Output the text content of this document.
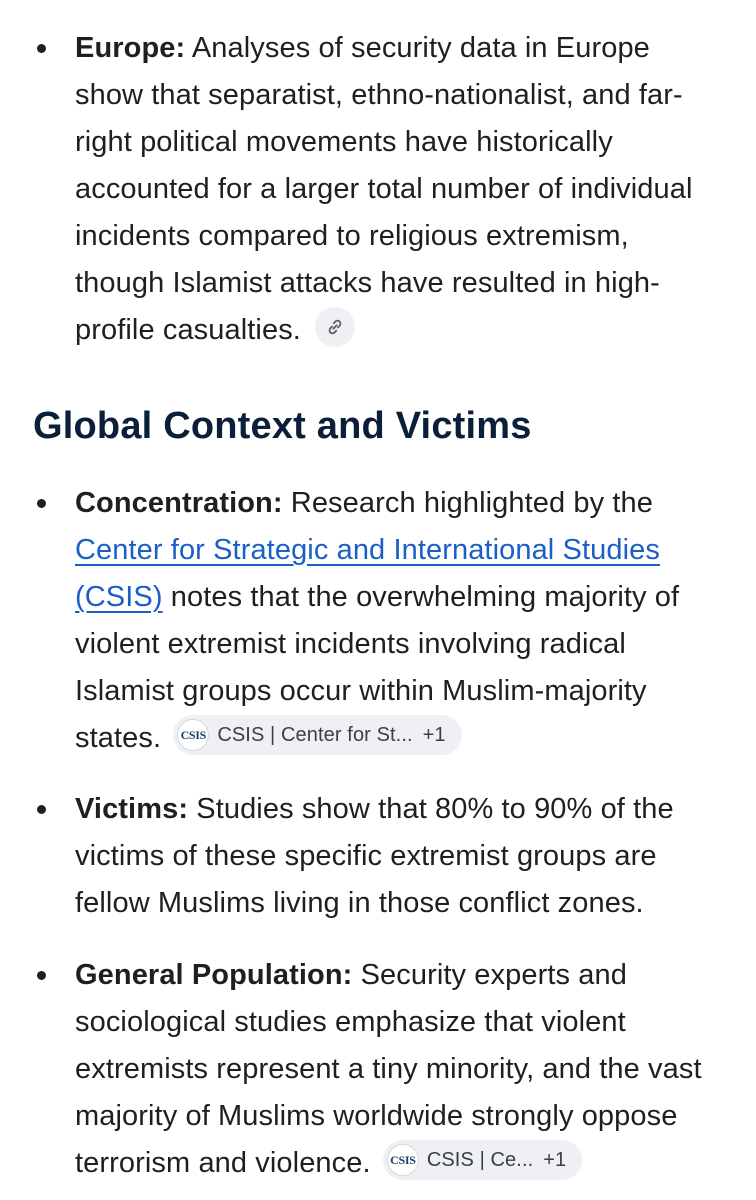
Europe: Analyses of security data in Europe show that separatist, ethno-nationalist, and far-right political movements have historically accounted for a larger total number of individual incidents compared to religious extremism, though Islamist attacks have resulted in high-profile casualties.
Global Context and Victims
Concentration: Research highlighted by the Center for Strategic and International Studies (CSIS) notes that the overwhelming majority of violent extremist incidents involving radical Islamist groups occur within Muslim-majority states. CSIS CSIS | Center for St... +1
Victims: Studies show that 80% to 90% of the victims of these specific extremist groups are fellow Muslims living in those conflict zones.
General Population: Security experts and sociological studies emphasize that violent extremists represent a tiny minority, and the vast majority of Muslims worldwide strongly oppose terrorism and violence. CSIS CSIS | Ce... +1
